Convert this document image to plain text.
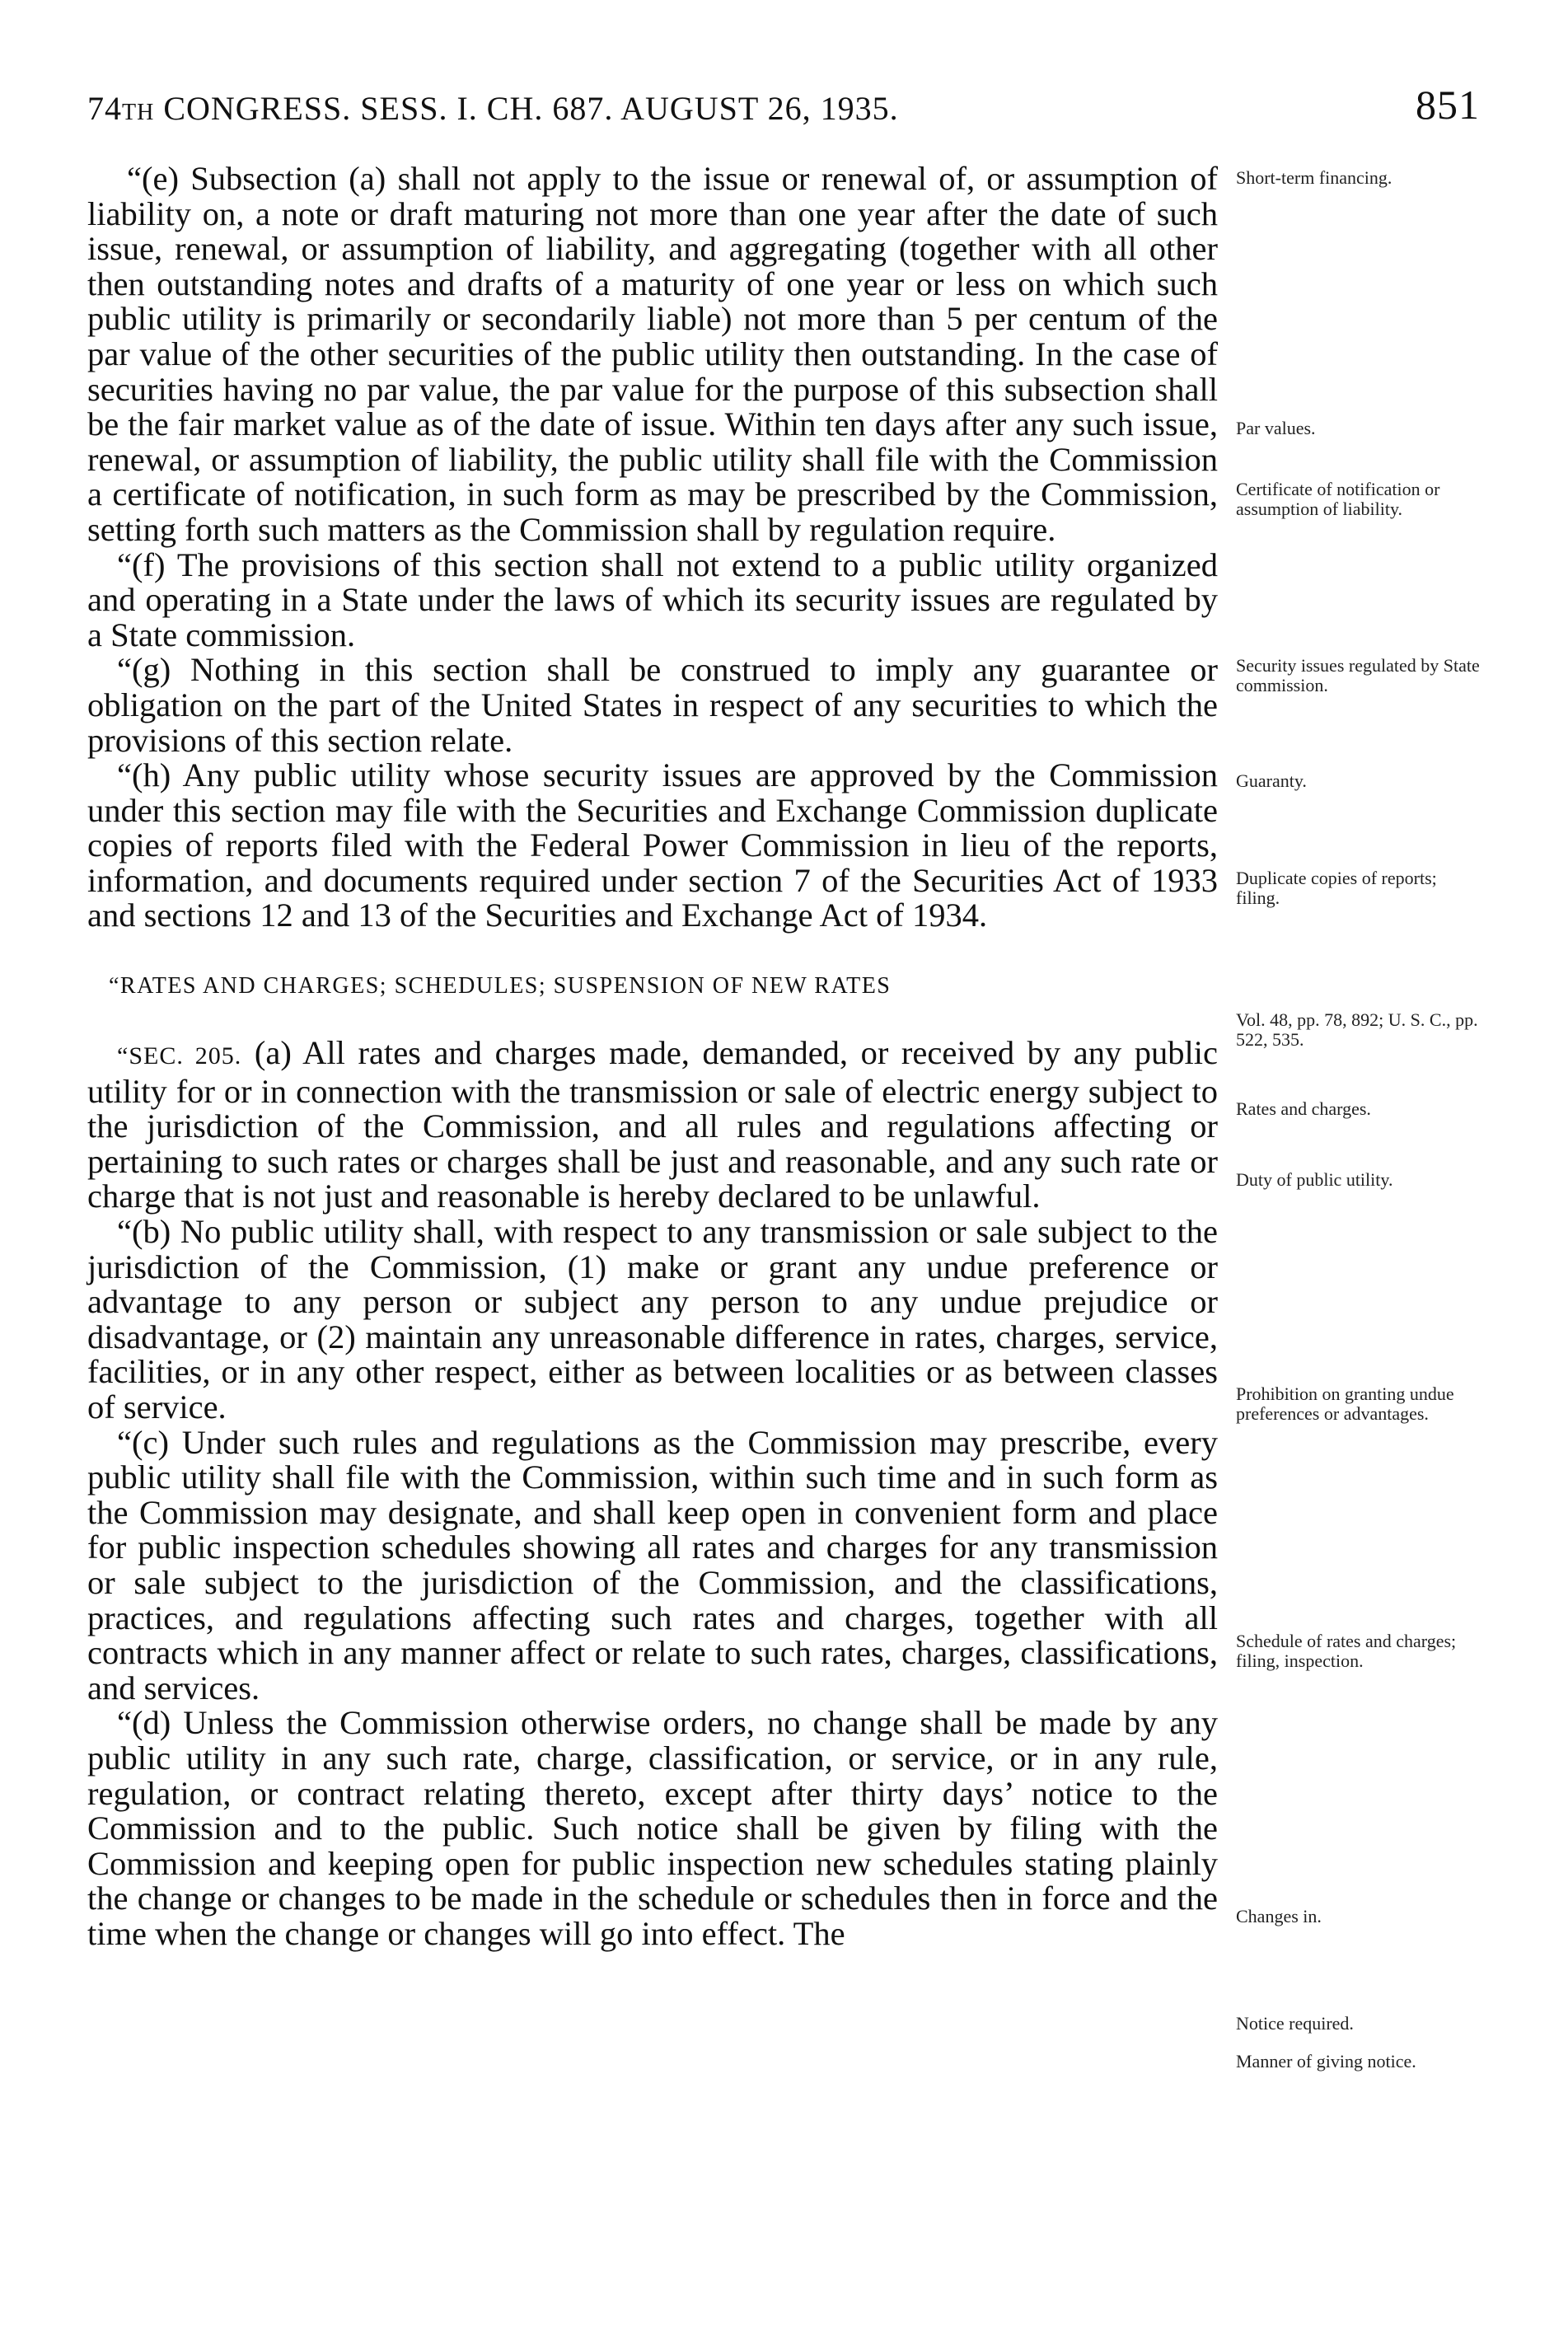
74TH CONGRESS. SESS. I. CH. 687. AUGUST 26, 1935.	851

“(e) Subsection (a) shall not apply to the issue or renewal of, or assumption of liability on, a note or draft maturing not more than one year after the date of such issue, renewal, or assumption of liability, and aggregating (together with all other then outstanding notes and drafts of a maturity of one year or less on which such public utility is primarily or secondarily liable) not more than 5 per centum of the par value of the other securities of the public utility then outstanding. In the case of securities having no par value, the par value for the purpose of this subsection shall be the fair market value as of the date of issue. Within ten days after any such issue, renewal, or assumption of liability, the public utility shall file with the Commission a certificate of notification, in such form as may be prescribed by the Commission, setting forth such matters as the Commission shall by regulation require.

“(f) The provisions of this section shall not extend to a public utility organized and operating in a State under the laws of which its security issues are regulated by a State commission.

“(g) Nothing in this section shall be construed to imply any guarantee or obligation on the part of the United States in respect of any securities to which the provisions of this section relate.

“(h) Any public utility whose security issues are approved by the Commission under this section may file with the Securities and Exchange Commission duplicate copies of reports filed with the Federal Power Commission in lieu of the reports, information, and documents required under section 7 of the Securities Act of 1933 and sections 12 and 13 of the Securities and Exchange Act of 1934.

“RATES AND CHARGES; SCHEDULES; SUSPENSION OF NEW RATES

“SEC. 205. (a) All rates and charges made, demanded, or received by any public utility for or in connection with the transmission or sale of electric energy subject to the jurisdiction of the Commission, and all rules and regulations affecting or pertaining to such rates or charges shall be just and reasonable, and any such rate or charge that is not just and reasonable is hereby declared to be unlawful.

“(b) No public utility shall, with respect to any transmission or sale subject to the jurisdiction of the Commission, (1) make or grant any undue preference or advantage to any person or subject any person to any undue prejudice or disadvantage, or (2) maintain any unreasonable difference in rates, charges, service, facilities, or in any other respect, either as between localities or as between classes of service.

“(c) Under such rules and regulations as the Commission may prescribe, every public utility shall file with the Commission, within such time and in such form as the Commission may designate, and shall keep open in convenient form and place for public inspection schedules showing all rates and charges for any transmission or sale subject to the jurisdiction of the Commission, and the classifications, practices, and regulations affecting such rates and charges, together with all contracts which in any manner affect or relate to such rates, charges, classifications, and services.

“(d) Unless the Commission otherwise orders, no change shall be made by any public utility in any such rate, charge, classification, or service, or in any rule, regulation, or contract relating thereto, except after thirty days’ notice to the Commission and to the public. Such notice shall be given by filing with the Commission and keeping open for public inspection new schedules stating plainly the change or changes to be made in the schedule or schedules then in force and the time when the change or changes will go into effect. The

Short-term financing.
Par values.
Certificate of notification or assumption of liability.
Security issues regulated by State commission.
Guaranty.
Duplicate copies of reports; filing.
Vol. 48, pp. 78, 892; U. S. C., pp. 522, 535.
Rates and charges.
Duty of public utility.
Prohibition on granting undue preferences or advantages.
Schedule of rates and charges; filing, inspection.
Changes in.
Notice required.
Manner of giving notice.
